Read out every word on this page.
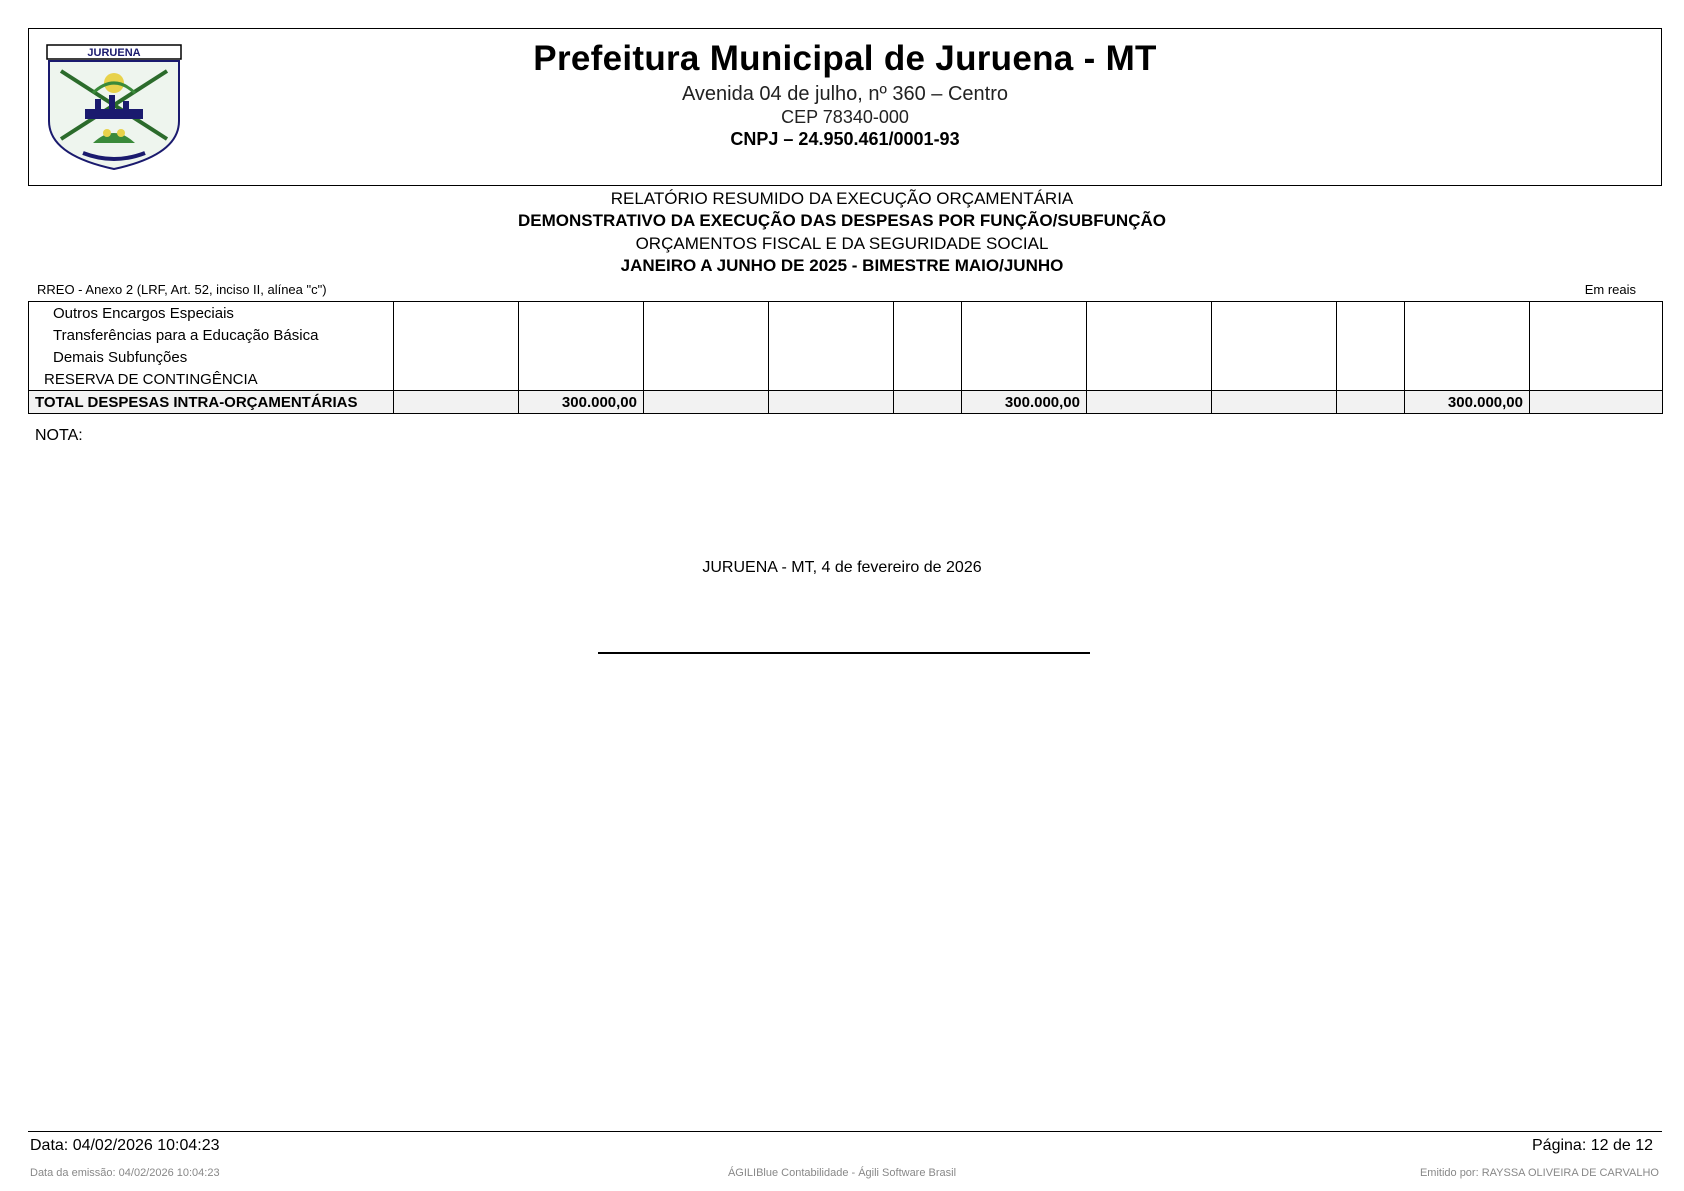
JURUENA	Prefeitura Municipal de Juruena - MT
Avenida 04 de julho, nº 360 – Centro
CEP 78340-000
CNPJ – 24.950.461/0001-93
RELATÓRIO RESUMIDO DA EXECUÇÃO ORÇAMENTÁRIA
DEMONSTRATIVO DA EXECUÇÃO DAS DESPESAS POR FUNÇÃO/SUBFUNÇÃO
ORÇAMENTOS FISCAL E DA SEGURIDADE SOCIAL
JANEIRO A JUNHO DE 2025 - BIMESTRE MAIO/JUNHO
RREO - Anexo 2 (LRF, Art. 52, inciso II, alínea "c")	Em reais
Outros Encargos Especiais											
Transferências para a Educação Básica											
Demais Subfunções											
RESERVA DE CONTINGÊNCIA											
TOTAL DESPESAS INTRA-ORÇAMENTÁRIAS		300.000,00				300.000,00				300.000,00	
NOTA:
JURUENA - MT, 4 de fevereiro de 2026
Data: 04/02/2026 10:04:23	Página: 12 de 12
Data da emissão: 04/02/2026 10:04:23	ÁGILIBlue Contabilidade - Ágili Software Brasil	Emitido por: RAYSSA OLIVEIRA DE CARVALHO
